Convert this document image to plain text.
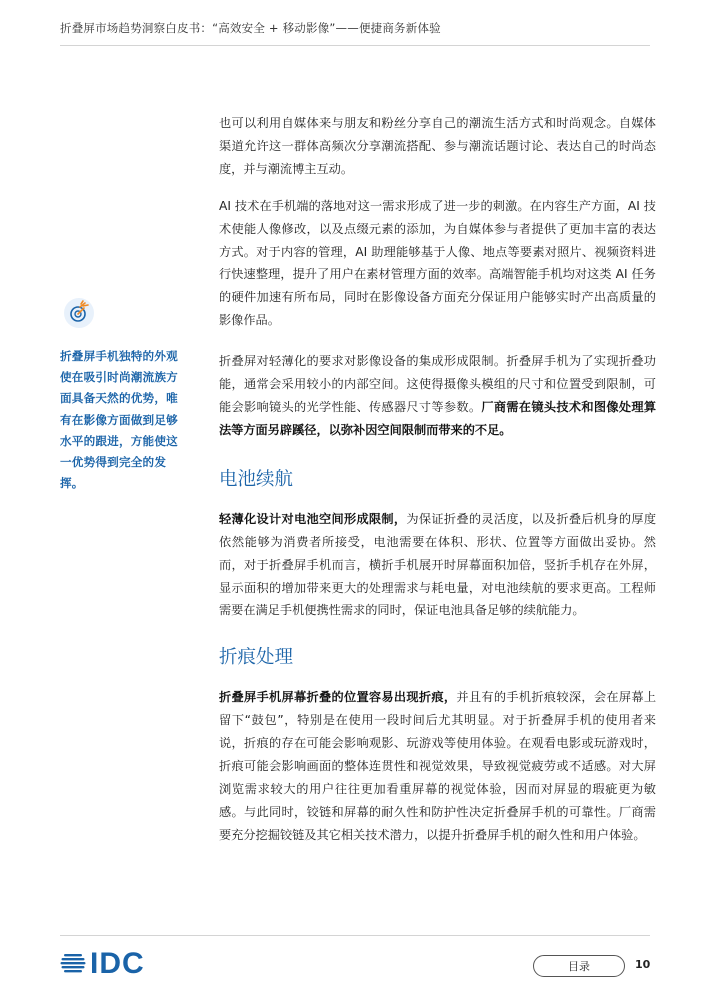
折叠屏市场趋势洞察白皮书：“高效安全 + 移动影像”——便捷商务新体验

折叠屏手机独特的外观使在吸引时尚潮流族方面具备天然的优势，唯有在影像方面做到足够水平的跟进，方能使这一优势得到完全的发挥。

也可以利用自媒体来与朋友和粉丝分享自己的潮流生活方式和时尚观念。自媒体渠道允许这一群体高频次分享潮流搭配、参与潮流话题讨论、表达自己的时尚态度，并与潮流博主互动。

AI 技术在手机端的落地对这一需求形成了进一步的刺激。在内容生产方面，AI 技术使能人像修改，以及点缀元素的添加，为自媒体参与者提供了更加丰富的表达方式。对于内容的管理，AI 助理能够基于人像、地点等要素对照片、视频资料进行快速整理，提升了用户在素材管理方面的效率。高端智能手机均对这类 AI 任务的硬件加速有所布局，同时在影像设备方面充分保证用户能够实时产出高质量的影像作品。

折叠屏对轻薄化的要求对影像设备的集成形成限制。折叠屏手机为了实现折叠功能，通常会采用较小的内部空间。这使得摄像头模组的尺寸和位置受到限制，可能会影响镜头的光学性能、传感器尺寸等参数。厂商需在镜头技术和图像处理算法等方面另辟蹊径，以弥补因空间限制而带来的不足。

电池续航

轻薄化设计对电池空间形成限制，为保证折叠的灵活度，以及折叠后机身的厚度依然能够为消费者所接受，电池需要在体积、形状、位置等方面做出妥协。然而，对于折叠屏手机而言，横折手机展开时屏幕面积加倍，竖折手机存在外屏，显示面积的增加带来更大的处理需求与耗电量，对电池续航的要求更高。工程师需要在满足手机便携性需求的同时，保证电池具备足够的续航能力。

折痕处理

折叠屏手机屏幕折叠的位置容易出现折痕，并且有的手机折痕较深，会在屏幕上留下“鼓包”，特别是在使用一段时间后尤其明显。对于折叠屏手机的使用者来说，折痕的存在可能会影响观影、玩游戏等使用体验。在观看电影或玩游戏时，折痕可能会影响画面的整体连贯性和视觉效果，导致视觉疲劳或不适感。对大屏浏览需求较大的用户往往更加看重屏幕的视觉体验，因而对屏显的瑕疵更为敏感。与此同时，铰链和屏幕的耐久性和防护性决定折叠屏手机的可靠性。厂商需要充分挖掘铰链及其它相关技术潜力，以提升折叠屏手机的耐久性和用户体验。

IDC	目录	10
